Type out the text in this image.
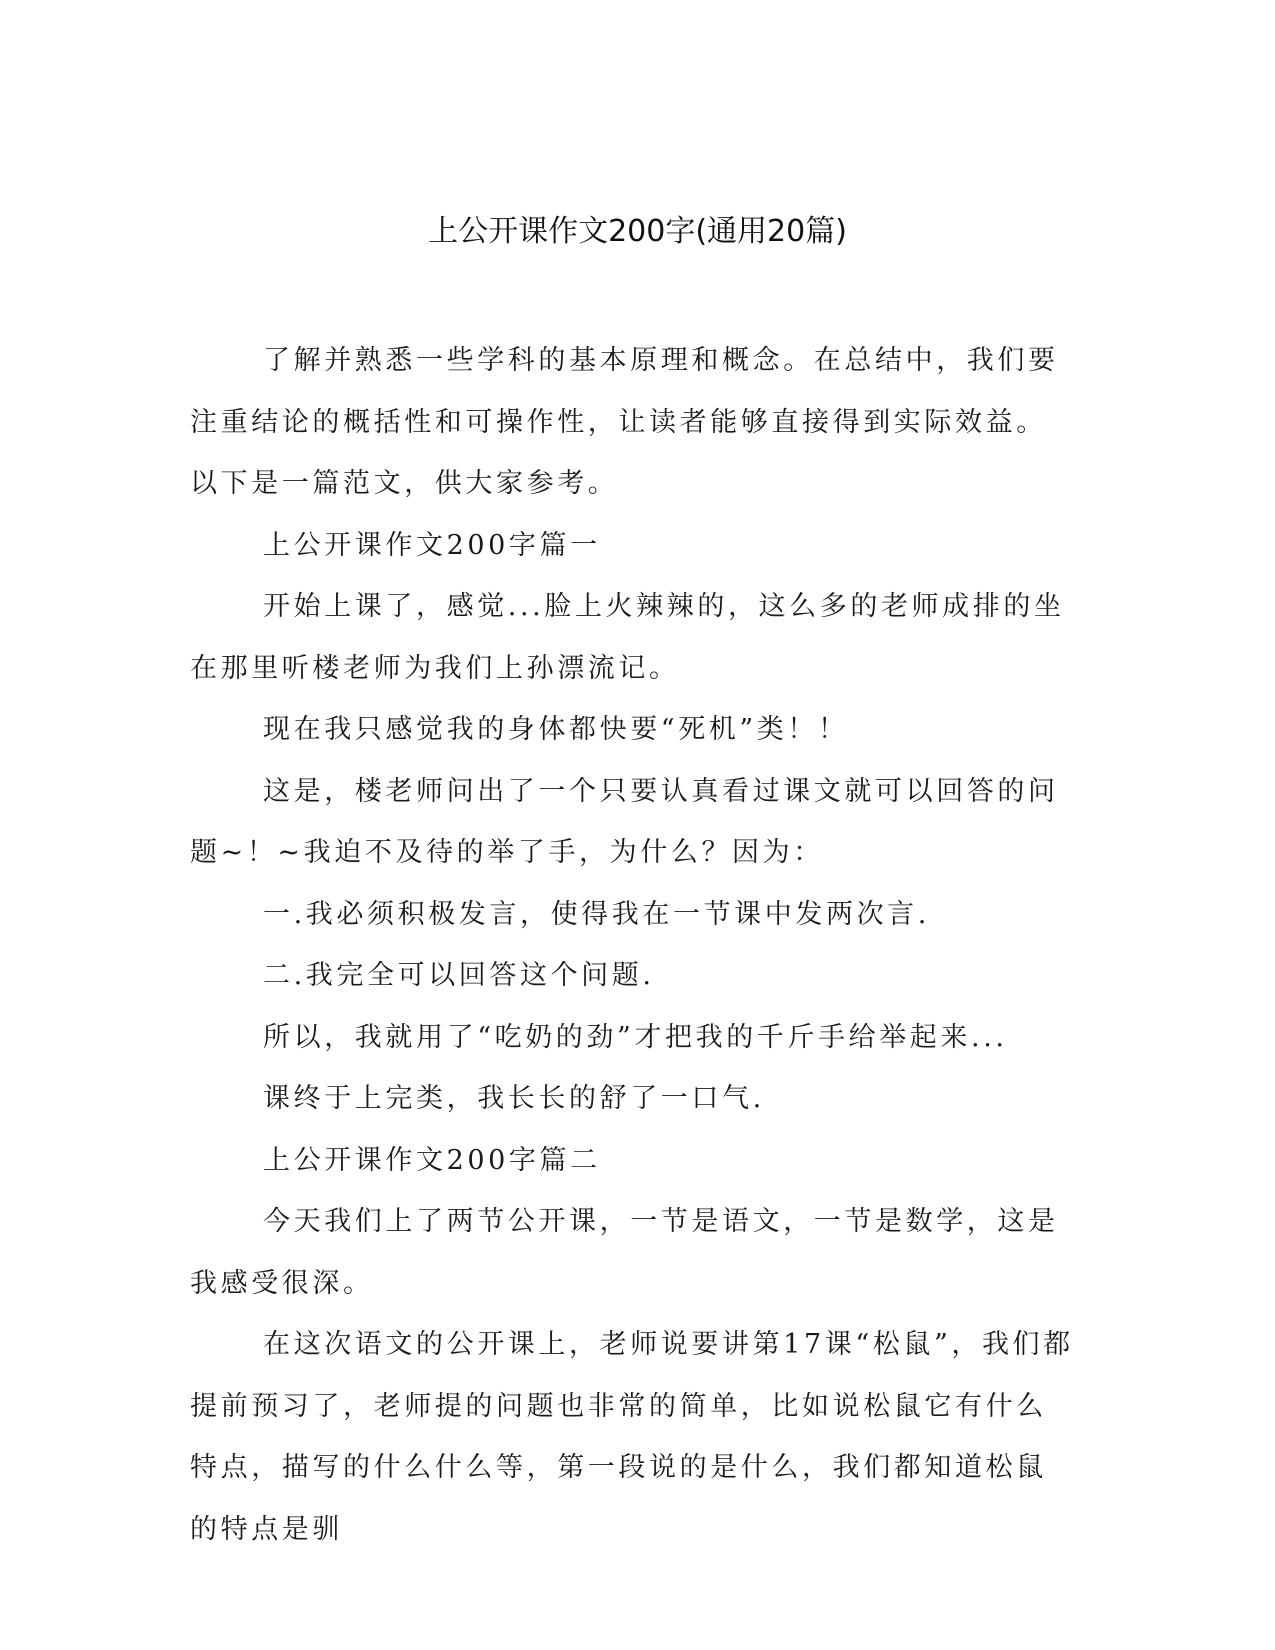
上公开课作文200字(通用20篇)

了解并熟悉一些学科的基本原理和概念。在总结中，我们要注重结论的概括性和可操作性，让读者能够直接得到实际效益。以下是一篇范文，供大家参考。

上公开课作文200字篇一

开始上课了，感觉...脸上火辣辣的，这么多的老师成排的坐在那里听楼老师为我们上孙漂流记。

现在我只感觉我的身体都快要“死机”类！！

这是，楼老师问出了一个只要认真看过课文就可以回答的问题~！~我迫不及待的举了手，为什么？因为：

一.我必须积极发言，使得我在一节课中发两次言.

二.我完全可以回答这个问题.

所以，我就用了“吃奶的劲”才把我的千斤手给举起来...

课终于上完类，我长长的舒了一口气.

上公开课作文200字篇二

今天我们上了两节公开课，一节是语文，一节是数学，这是我感受很深。

在这次语文的公开课上，老师说要讲第17课“松鼠”，我们都提前预习了，老师提的问题也非常的简单，比如说松鼠它有什么特点，描写的什么什么等，第一段说的是什么，我们都知道松鼠的特点是驯
